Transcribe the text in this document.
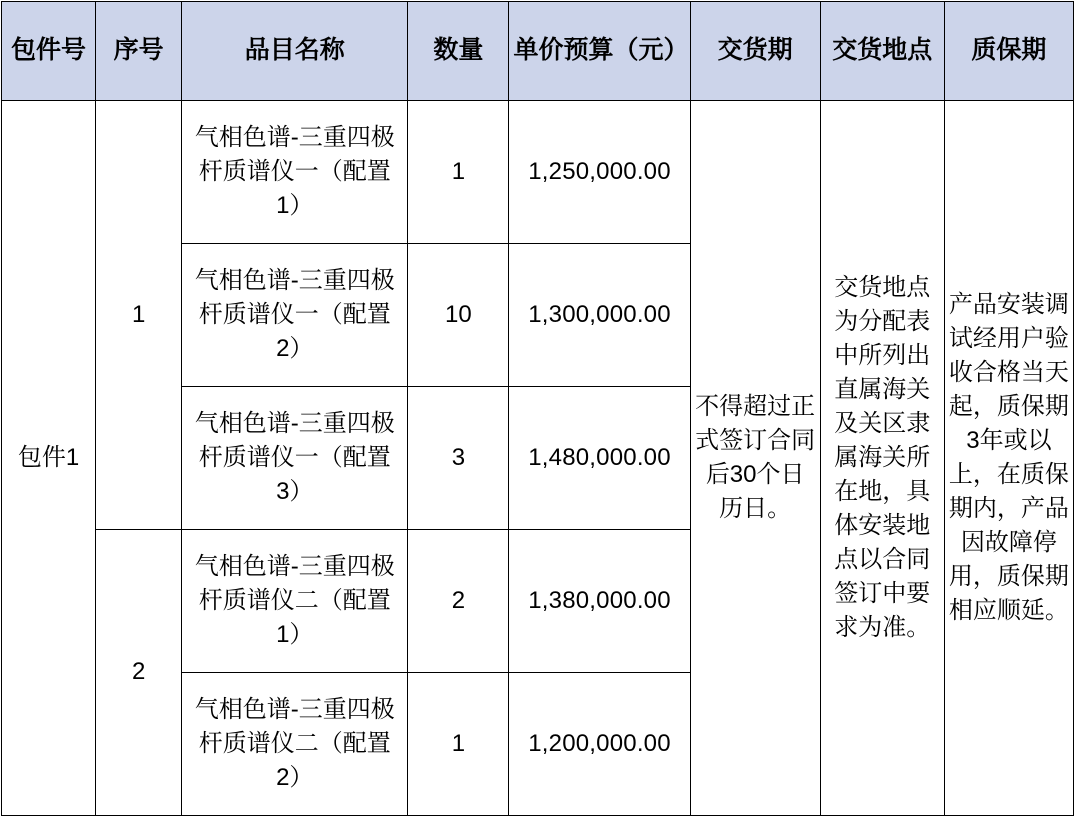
包件号	序号	品目名称	数量	单价预算（元）	交货期	交货地点	质保期
包件1	1	气相色谱-三重四极杆质谱仪一（配置1）	1	1,250,000.00	不得超过正式签订合同后30个日历日。	交货地点为分配表中所列出直属海关及关区隶属海关所在地，具体安装地点以合同签订中要求为准。	产品安装调试经用户验收合格当天起，质保期3年或以上，在质保期内，产品因故障停用，质保期相应顺延。
		气相色谱-三重四极杆质谱仪一（配置2）	10	1,300,000.00			
		气相色谱-三重四极杆质谱仪一（配置3）	3	1,480,000.00			
	2	气相色谱-三重四极杆质谱仪二（配置1）	2	1,380,000.00			
		气相色谱-三重四极杆质谱仪二（配置2）	1	1,200,000.00			
